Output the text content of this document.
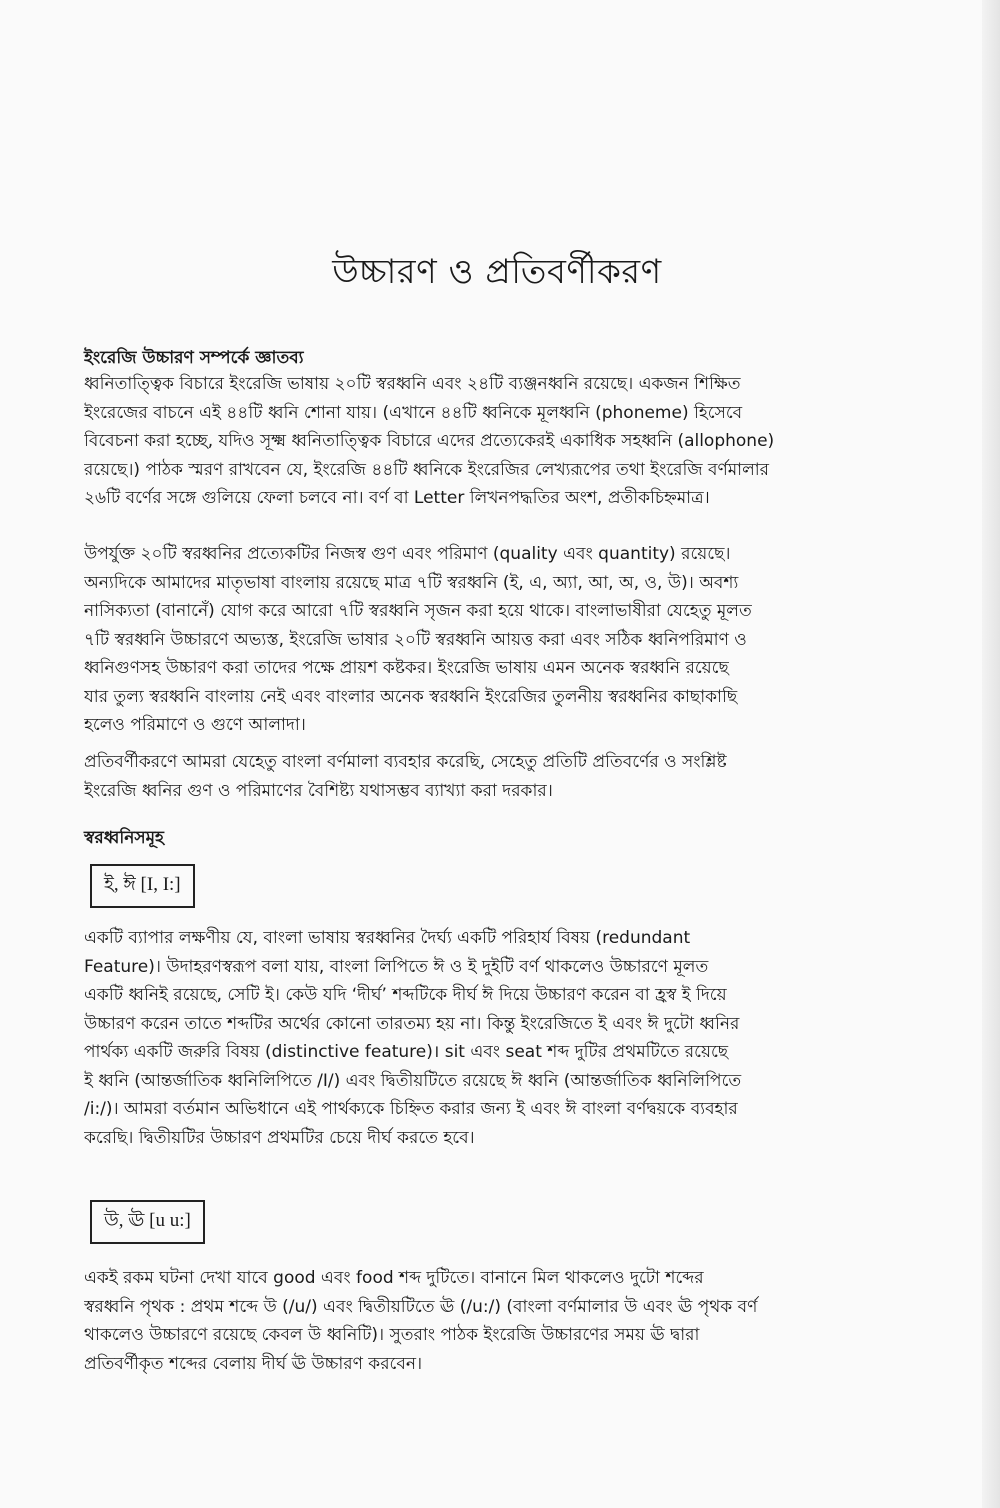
উচ্চারণ ও প্রতিবর্ণীকরণ
ইংরেজি উচ্চারণ সম্পর্কে জ্ঞাতব্য

ধ্বনিতাত্ত্বিক বিচারে ইংরেজি ভাষায় ২০টি স্বরধ্বনি এবং ২৪টি ব্যঞ্জনধ্বনি রয়েছে। একজন শিক্ষিত
ইংরেজের বাচনে এই ৪৪টি ধ্বনি শোনা যায়। (এখানে ৪৪টি ধ্বনিকে মূলধ্বনি (phoneme) হিসেবে
বিবেচনা করা হচ্ছে, যদিও সূক্ষ্ম ধ্বনিতাত্ত্বিক বিচারে এদের প্রত্যেকেরই একাধিক সহধ্বনি (allophone)
রয়েছে।) পাঠক স্মরণ রাখবেন যে, ইংরেজি ৪৪টি ধ্বনিকে ইংরেজির লেখ্যরূপের তথা ইংরেজি বর্ণমালার
২৬টি বর্ণের সঙ্গে গুলিয়ে ফেলা চলবে না। বর্ণ বা Letter লিখনপদ্ধতির অংশ, প্রতীকচিহ্নমাত্র।

উপর্যুক্ত ২০টি স্বরধ্বনির প্রত্যেকটির নিজস্ব গুণ এবং পরিমাণ (quality এবং quantity) রয়েছে।
অন্যদিকে আমাদের মাতৃভাষা বাংলায় রয়েছে মাত্র ৭টি স্বরধ্বনি (ই, এ, অ্যা, আ, অ, ও, উ)। অবশ্য
নাসিক্যতা (বানানেঁ) যোগ করে আরো ৭টি স্বরধ্বনি সৃজন করা হয়ে থাকে। বাংলাভাষীরা যেহেতু মূলত
৭টি স্বরধ্বনি উচ্চারণে অভ্যস্ত, ইংরেজি ভাষার ২০টি স্বরধ্বনি আয়ত্ত করা এবং সঠিক ধ্বনিপরিমাণ ও
ধ্বনিগুণসহ উচ্চারণ করা তাদের পক্ষে প্রায়শ কষ্টকর। ইংরেজি ভাষায় এমন অনেক স্বরধ্বনি রয়েছে
যার তুল্য স্বরধ্বনি বাংলায় নেই এবং বাংলার অনেক স্বরধ্বনি ইংরেজির তুলনীয় স্বরধ্বনির কাছাকাছি
হলেও পরিমাণে ও গুণে আলাদা।

প্রতিবর্ণীকরণে আমরা যেহেতু বাংলা বর্ণমালা ব্যবহার করেছি, সেহেতু প্রতিটি প্রতিবর্ণের ও সংশ্লিষ্ট
ইংরেজি ধ্বনির গুণ ও পরিমাণের বৈশিষ্ট্য যথাসম্ভব ব্যাখ্যা করা দরকার।

স্বরধ্বনিসমূহ
ই, ঈ [I, I:]

একটি ব্যাপার লক্ষণীয় যে, বাংলা ভাষায় স্বরধ্বনির দৈর্ঘ্য একটি পরিহার্য বিষয় (redundant
Feature)। উদাহরণস্বরূপ বলা যায়, বাংলা লিপিতে ঈ ও ই দুইটি বর্ণ থাকলেও উচ্চারণে মূলত
একটি ধ্বনিই রয়েছে, সেটি ই। কেউ যদি ‘দীর্ঘ’ শব্দটিকে দীর্ঘ ঈ দিয়ে উচ্চারণ করেন বা হ্রস্ব ই দিয়ে
উচ্চারণ করেন তাতে শব্দটির অর্থের কোনো তারতম্য হয় না। কিন্তু ইংরেজিতে ই এবং ঈ দুটো ধ্বনির
পার্থক্য একটি জরুরি বিষয় (distinctive feature)। sit এবং seat শব্দ দুটির প্রথমটিতে রয়েছে
ই ধ্বনি (আন্তর্জাতিক ধ্বনিলিপিতে /I/) এবং দ্বিতীয়টিতে রয়েছে ঈ ধ্বনি (আন্তর্জাতিক ধ্বনিলিপিতে
/i:/)। আমরা বর্তমান অভিধানে এই পার্থক্যকে চিহ্নিত করার জন্য ই এবং ঈ বাংলা বর্ণদ্বয়কে ব্যবহার
করেছি। দ্বিতীয়টির উচ্চারণ প্রথমটির চেয়ে দীর্ঘ করতে হবে।

উ, ঊ [u u:]

একই রকম ঘটনা দেখা যাবে good এবং food শব্দ দুটিতে। বানানে মিল থাকলেও দুটো শব্দের
স্বরধ্বনি পৃথক : প্রথম শব্দে উ (/u/) এবং দ্বিতীয়টিতে ঊ (/u:/) (বাংলা বর্ণমালার উ এবং ঊ পৃথক বর্ণ
থাকলেও উচ্চারণে রয়েছে কেবল উ ধ্বনিটি)। সুতরাং পাঠক ইংরেজি উচ্চারণের সময় ঊ দ্বারা
প্রতিবর্ণীকৃত শব্দের বেলায় দীর্ঘ ঊ উচ্চারণ করবেন।
